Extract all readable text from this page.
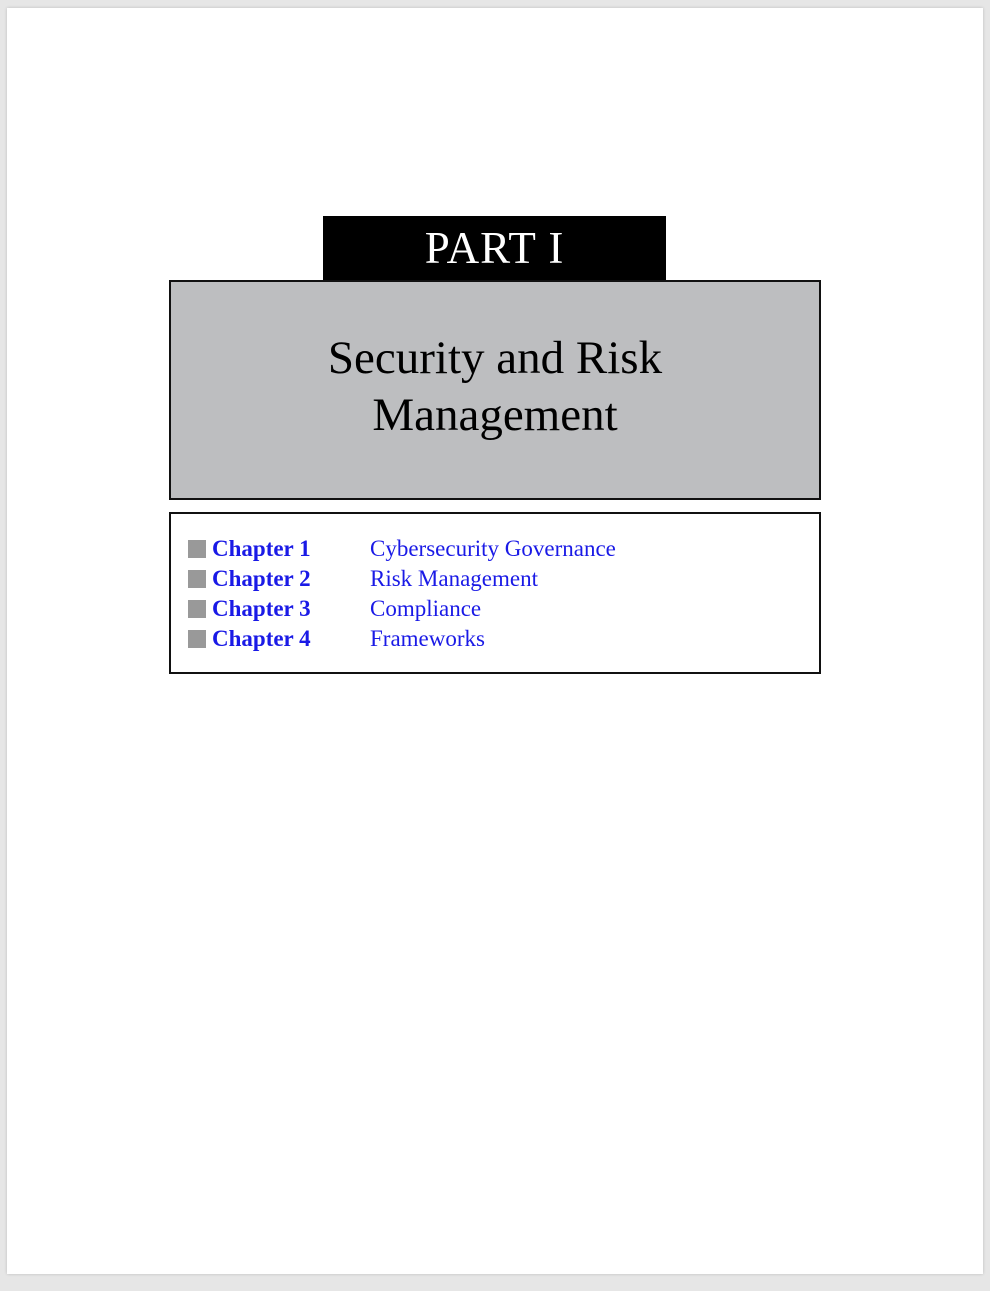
PART I
Security and Risk
Management
Chapter 1	Cybersecurity Governance
Chapter 2	Risk Management
Chapter 3	Compliance
Chapter 4	Frameworks
